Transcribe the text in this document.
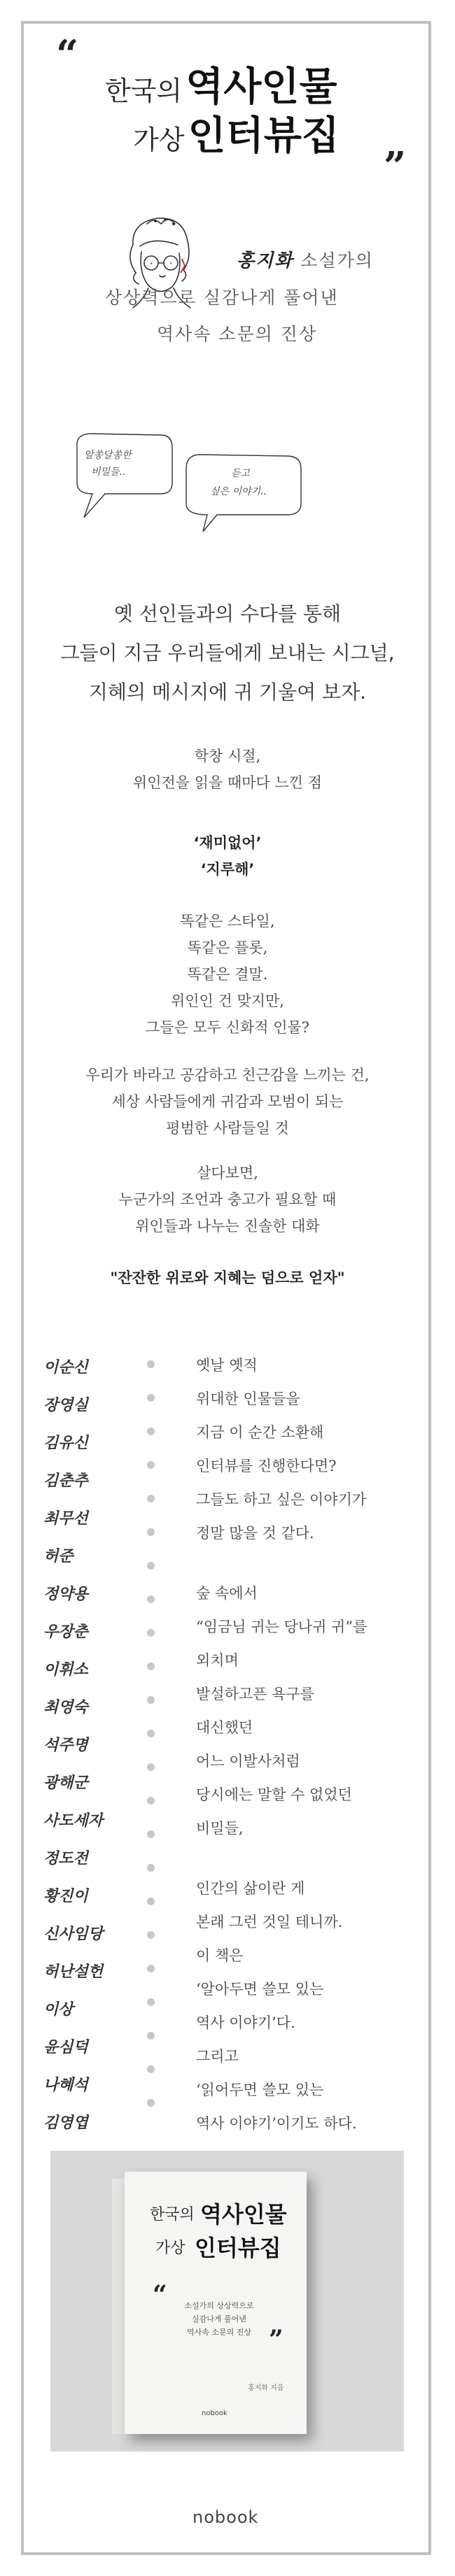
“
한국의 역사인물
가상 인터뷰집
”
홍지화 소설가의
상상력으로 실감나게 풀어낸
역사속 소문의 진상
알쏭달쏭한
비밀들..	듣고
싶은 이야기..
옛 선인들과의 수다를 통해
그들이 지금 우리들에게 보내는 시그널,
지혜의 메시지에 귀 기울여 보자.
학창 시절,
위인전을 읽을 때마다 느낀 점
‘재미없어’
‘지루해’
똑같은 스타일,
똑같은 플롯,
똑같은 결말.
위인인 건 맞지만,
그들은 모두 신화적 인물?
우리가 바라고 공감하고 친근감을 느끼는 건,
세상 사람들에게 귀감과 모범이 되는
평범한 사람들일 것
살다보면,
누군가의 조언과 충고가 필요할 때
위인들과 나누는 진솔한 대화
"잔잔한 위로와 지혜는 덤으로 얻자"
이순신
장영실
김유신
김춘추
최무선
허준
정약용
우장춘
이휘소
최영숙
석주명
광해군
사도세자
정도전
황진이
신사임당
허난설헌
이상
윤심덕
나혜석
김영엽
옛날 옛적
위대한 인물들을
지금 이 순간 소환해
인터뷰를 진행한다면?
그들도 하고 싶은 이야기가
정말 많을 것 같다.
숲 속에서
“임금님 귀는 당나귀 귀”를
외치며
발설하고픈 욕구를
대신했던
어느 이발사처럼
당시에는 말할 수 없었던
비밀들,
인간의 삶이란 게
본래 그런 것일 테니까.
이 책은
‘알아두면 쓸모 있는
역사 이야기’다.
그리고
‘읽어두면 쓸모 있는
역사 이야기’이기도 하다.
한국의 역사인물
가상 인터뷰집
“	소설가의 상상력으로
실감나게 풀어낸
역사속 소문의 진상 ”
홍지화 지음
nobook
nobook
